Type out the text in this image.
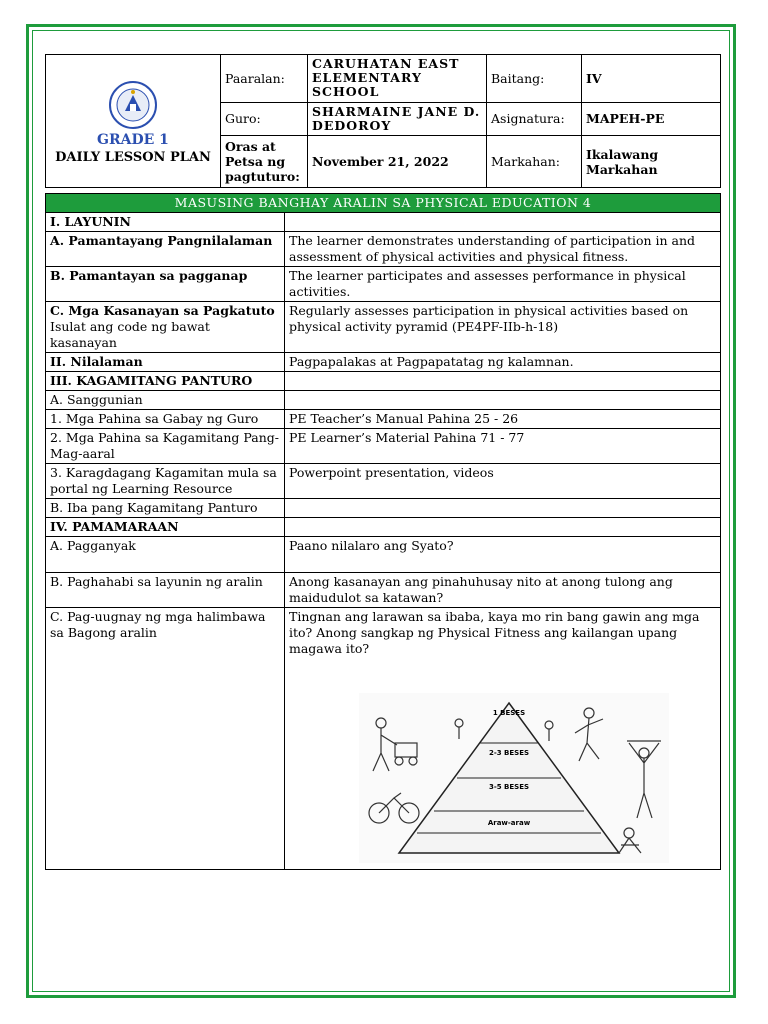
GRADE 1
DAILY LESSON PLAN	Paaralan:	CARUHATAN EAST ELEMENTARY SCHOOL	Baitang:	IV
	Guro:	SHARMAINE JANE D. DEDOROY	Asignatura:	MAPEH-PE
	Oras at Petsa ng pagtuturo:	November 21, 2022	Markahan:	Ikalawang Markahan
MASUSING BANGHAY ARALIN SA PHYSICAL EDUCATION 4	
I. LAYUNIN	
A. Pamantayang Pangnilalaman	The learner demonstrates understanding of participation in and assessment of physical activities and physical fitness.
B. Pamantayan sa pagganap	The learner participates and assesses performance in physical activities.

C. Mga Kasanayan sa Pagkatuto
Isulat ang code ng bawat kasanayan	Regularly assesses participation in physical activities based on physical activity pyramid (PE4PF-IIb-h-18)
II. Nilalaman	Pagpapalakas at Pagpapatatag ng kalamnan.
III. KAGAMITANG PANTURO	
A. Sanggunian	
1. Mga Pahina sa Gabay ng Guro	PE Teacher’s Manual Pahina 25 - 26
2. Mga Pahina sa Kagamitang Pang-Mag-aaral	PE Learner’s Material Pahina 71 - 77
3. Karagdagang Kagamitan mula sa portal ng Learning Resource	Powerpoint presentation, videos
B. Iba pang Kagamitang Panturo	
IV. PAMAMARAAN	
A. Pagganyak	Paano nilalaro ang Syato?
B. Paghahabi sa layunin ng aralin	Anong kasanayan ang pinahuhusay nito at anong tulong ang maidudulot sa katawan?
C. Pag-uugnay ng mga halimbawa sa Bagong aralin	Tingnan ang larawan sa ibaba, kaya mo rin bang gawin ang mga ito? Anong sangkap ng Physical Fitness ang kailangan upang magawa ito?
1 BESES
2-3 BESES
3-5 BESES
Araw-araw
